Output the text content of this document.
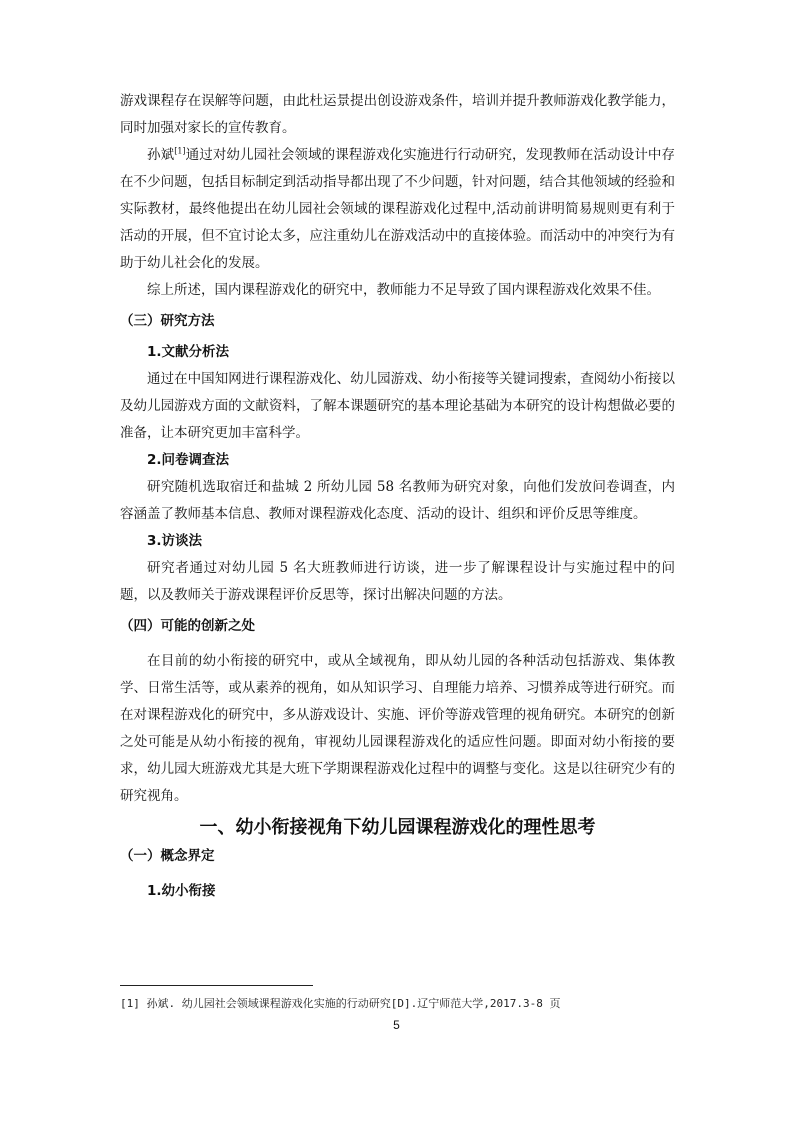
游戏课程存在误解等问题，由此杜运景提出创设游戏条件，培训并提升教师游戏化教学能力，同时加强对家长的宣传教育。

孙斌[1]通过对幼儿园社会领域的课程游戏化实施进行行动研究，发现教师在活动设计中存在不少问题，包括目标制定到活动指导都出现了不少问题，针对问题，结合其他领域的经验和实际教材，最终他提出在幼儿园社会领域的课程游戏化过程中,活动前讲明简易规则更有利于活动的开展，但不宜讨论太多，应注重幼儿在游戏活动中的直接体验。而活动中的冲突行为有助于幼儿社会化的发展。

综上所述，国内课程游戏化的研究中，教师能力不足导致了国内课程游戏化效果不佳。

（三）研究方法

1.文献分析法

通过在中国知网进行课程游戏化、幼儿园游戏、幼小衔接等关键词搜索，查阅幼小衔接以及幼儿园游戏方面的文献资料，了解本课题研究的基本理论基础为本研究的设计构想做必要的准备，让本研究更加丰富科学。

2.问卷调查法

研究随机选取宿迁和盐城 2 所幼儿园 58 名教师为研究对象，向他们发放问卷调查，内容涵盖了教师基本信息、教师对课程游戏化态度、活动的设计、组织和评价反思等维度。

3.访谈法

研究者通过对幼儿园 5 名大班教师进行访谈，进一步了解课程设计与实施过程中的问题，以及教师关于游戏课程评价反思等，探讨出解决问题的方法。

（四）可能的创新之处

在目前的幼小衔接的研究中，或从全域视角，即从幼儿园的各种活动包括游戏、集体教学、日常生活等，或从素养的视角，如从知识学习、自理能力培养、习惯养成等进行研究。而在对课程游戏化的研究中，多从游戏设计、实施、评价等游戏管理的视角研究。本研究的创新之处可能是从幼小衔接的视角，审视幼儿园课程游戏化的适应性问题。即面对幼小衔接的要求，幼儿园大班游戏尤其是大班下学期课程游戏化过程中的调整与变化。这是以往研究少有的研究视角。

一、幼小衔接视角下幼儿园课程游戏化的理性思考

（一）概念界定

1.幼小衔接

[1] 孙斌. 幼儿园社会领域课程游戏化实施的行动研究[D].辽宁师范大学,2017.3-8 页
5
